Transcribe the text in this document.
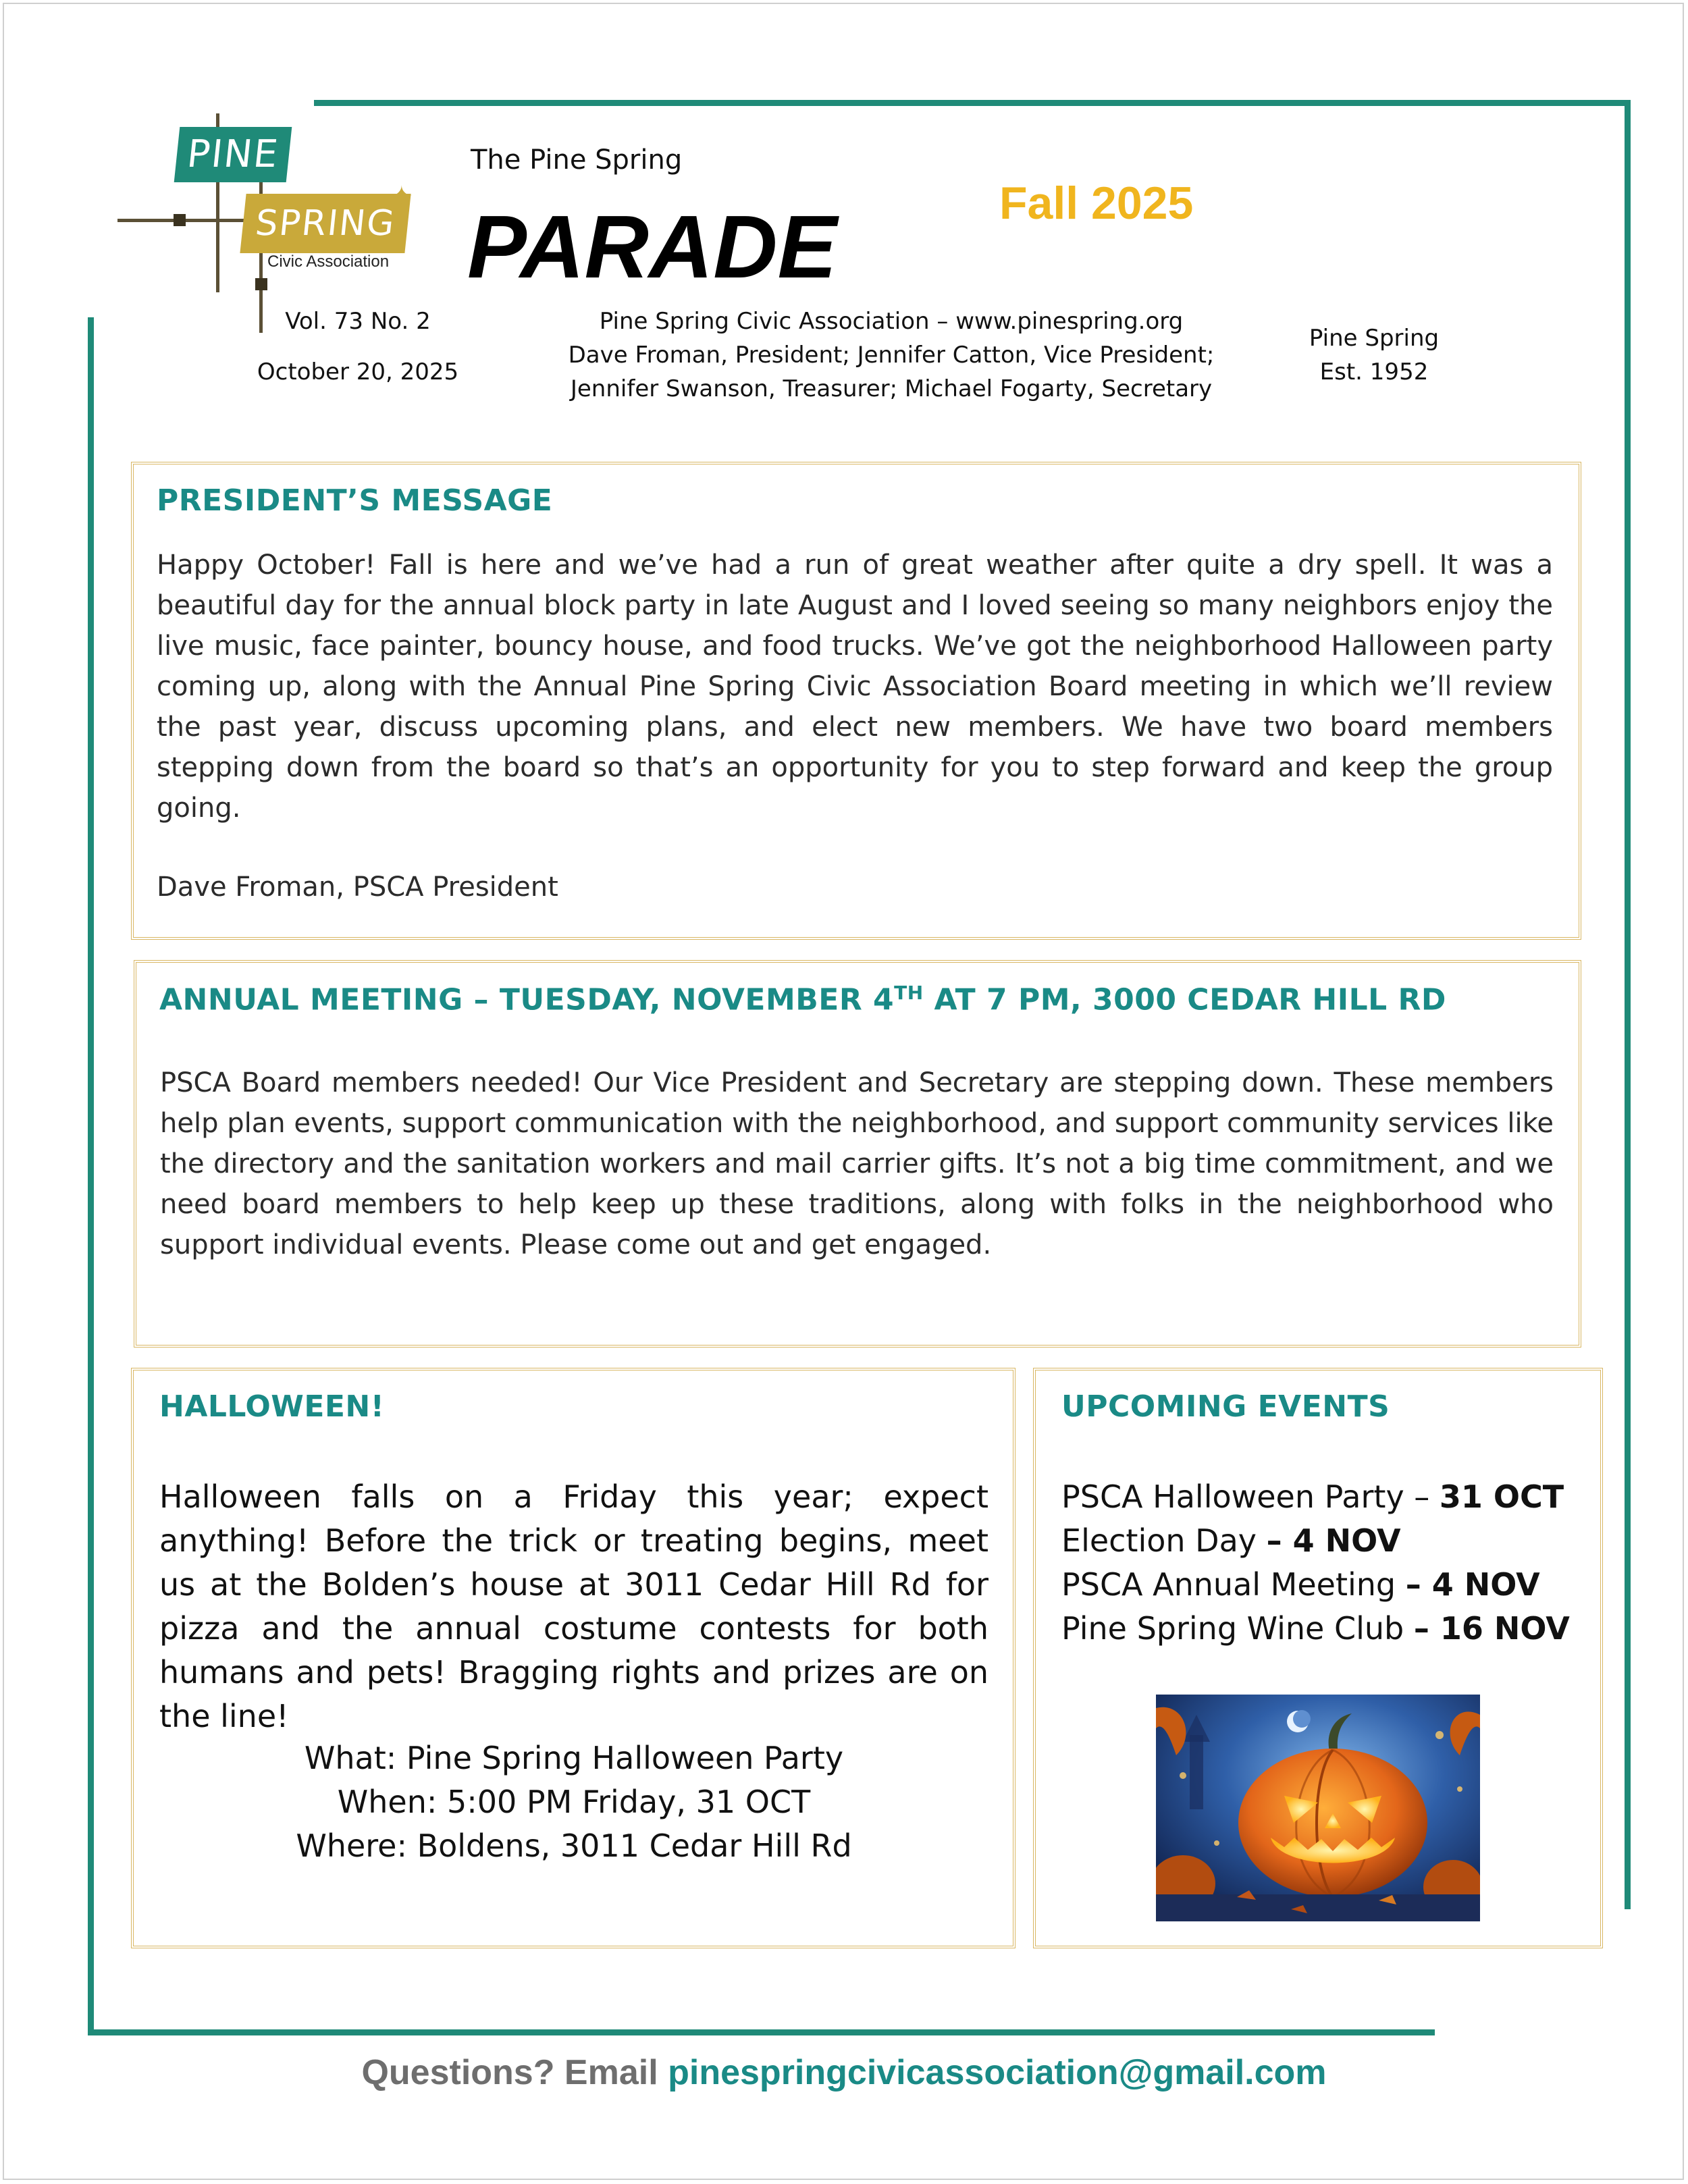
PINE
SPRING
✦
Civic Association
The Pine Spring
PARADE	Fall 2025
Vol. 73 No. 2
October 20, 2025
Pine Spring Civic Association – www.pinespring.org
Dave Froman, President; Jennifer Catton, Vice President;
Jennifer Swanson, Treasurer; Michael Fogarty, Secretary
Pine Spring
Est. 1952
PRESIDENT’S MESSAGE
Happy October! Fall is here and we’ve had a run of great weather after quite a dry spell. It was a beautiful day for the annual block party in late August and I loved seeing so many neighbors enjoy the live music, face painter, bouncy house, and food trucks. We’ve got the neighborhood Halloween party coming up, along with the Annual Pine Spring Civic Association Board meeting in which we’ll review the past year, discuss upcoming plans, and elect new members. We have two board members stepping down from the board so that’s an opportunity for you to step forward and keep the group going.
Dave Froman, PSCA President
ANNUAL MEETING – TUESDAY, NOVEMBER 4TH AT 7 PM, 3000 CEDAR HILL RD
PSCA Board members needed! Our Vice President and Secretary are stepping down. These members help plan events, support communication with the neighborhood, and support community services like the directory and the sanitation workers and mail carrier gifts. It’s not a big time commitment, and we need board members to help keep up these traditions, along with folks in the neighborhood who support individual events. Please come out and get engaged.
HALLOWEEN!
Halloween falls on a Friday this year; expect anything! Before the trick or treating begins, meet us at the Bolden’s house at 3011 Cedar Hill Rd for pizza and the annual costume contests for both humans and pets! Bragging rights and prizes are on the line!
What: Pine Spring Halloween Party
When: 5:00 PM Friday, 31 OCT
Where: Boldens, 3011 Cedar Hill Rd
UPCOMING EVENTS
PSCA Halloween Party – 31 OCT
Election Day – 4 NOV
PSCA Annual Meeting – 4 NOV
Pine Spring Wine Club – 16 NOV
Questions? Email pinespringcivicassociation@gmail.com
